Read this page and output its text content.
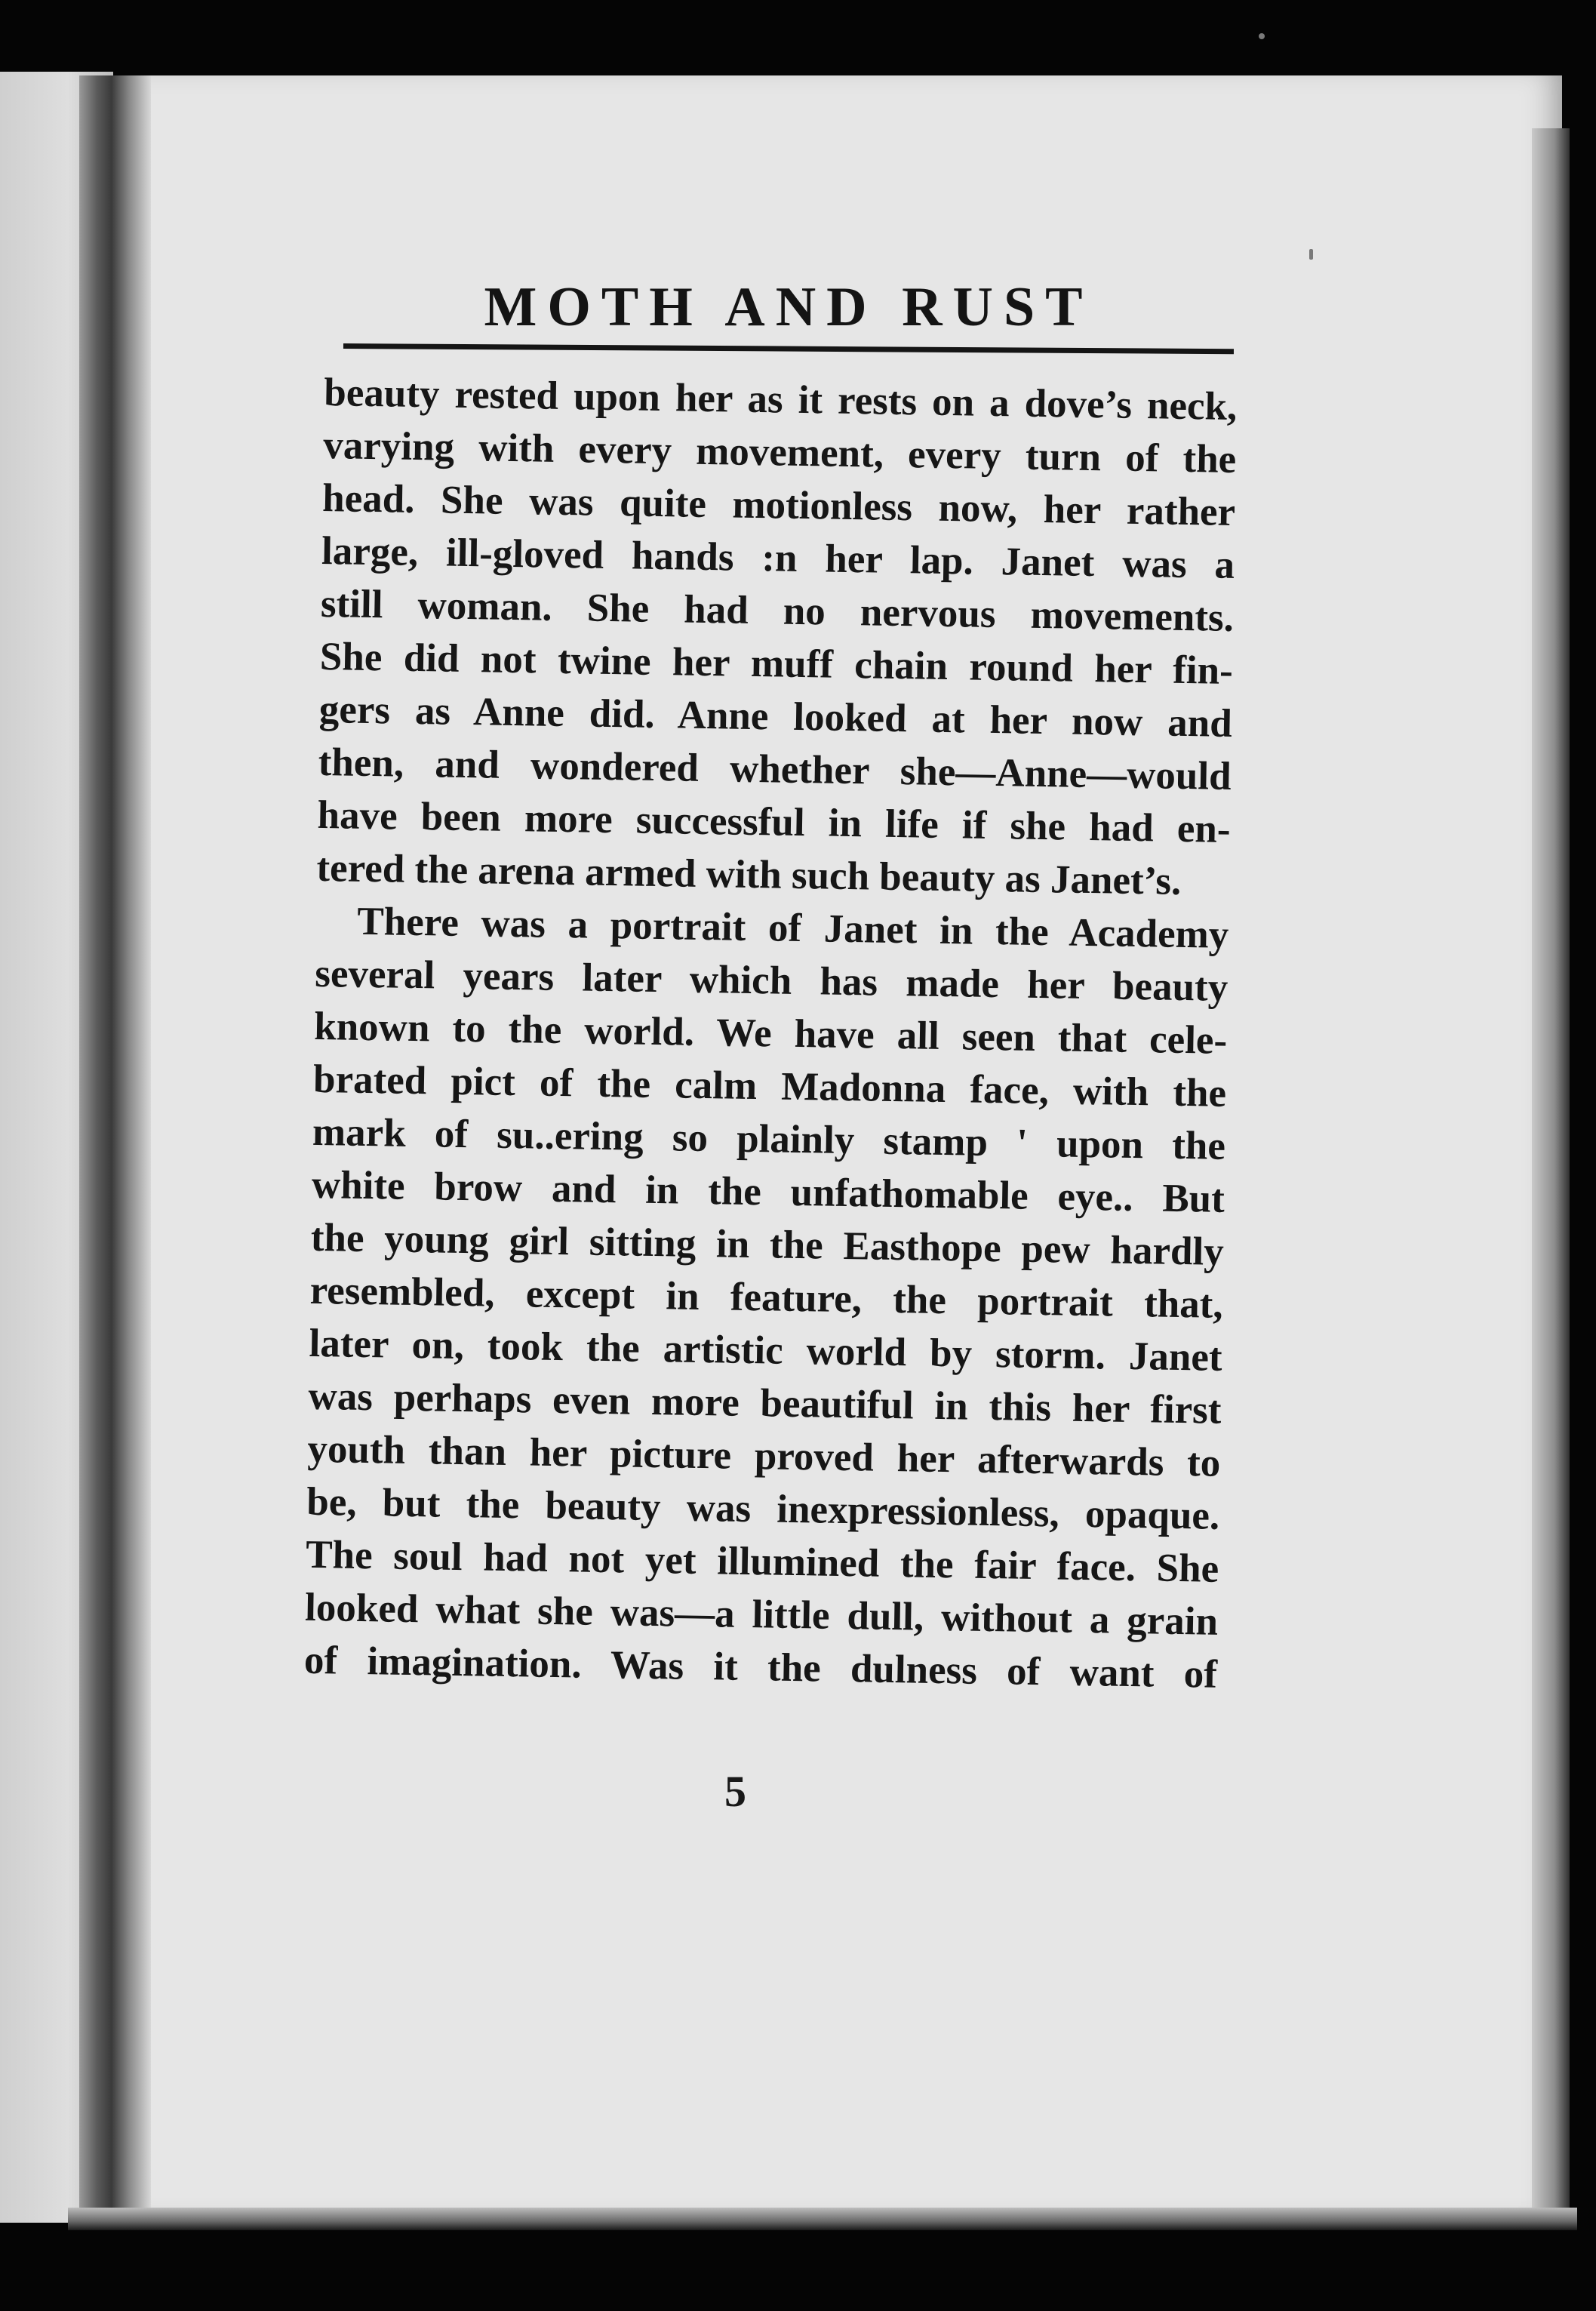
MOTH AND RUST
beauty rested upon her as it rests on a dove’s neck,
varying with every movement, every turn of the
head. She was quite motionless now, her rather
large, ill-gloved hands :n her lap. Janet was a
still woman. She had no nervous movements.
She did not twine her muff chain round her fin-
gers as Anne did. Anne looked at her now and
then, and wondered whether she—Anne—would
have been more successful in life if she had en-
tered the arena armed with such beauty as Janet’s.
There was a portrait of Janet in the Academy
several years later which has made her beauty
known to the world. We have all seen that cele-
brated pict of the calm Madonna face, with the
mark of su..ering so plainly stamp ' upon the
white brow and in the unfathomable eye.. But
the young girl sitting in the Easthope pew hardly
resembled, except in feature, the portrait that,
later on, took the artistic world by storm. Janet
was perhaps even more beautiful in this her first
youth than her picture proved her afterwards to
be, but the beauty was inexpressionless, opaque.
The soul had not yet illumined the fair face. She
looked what she was—a little dull, without a grain
of imagination. Was it the dulness of want of
5
